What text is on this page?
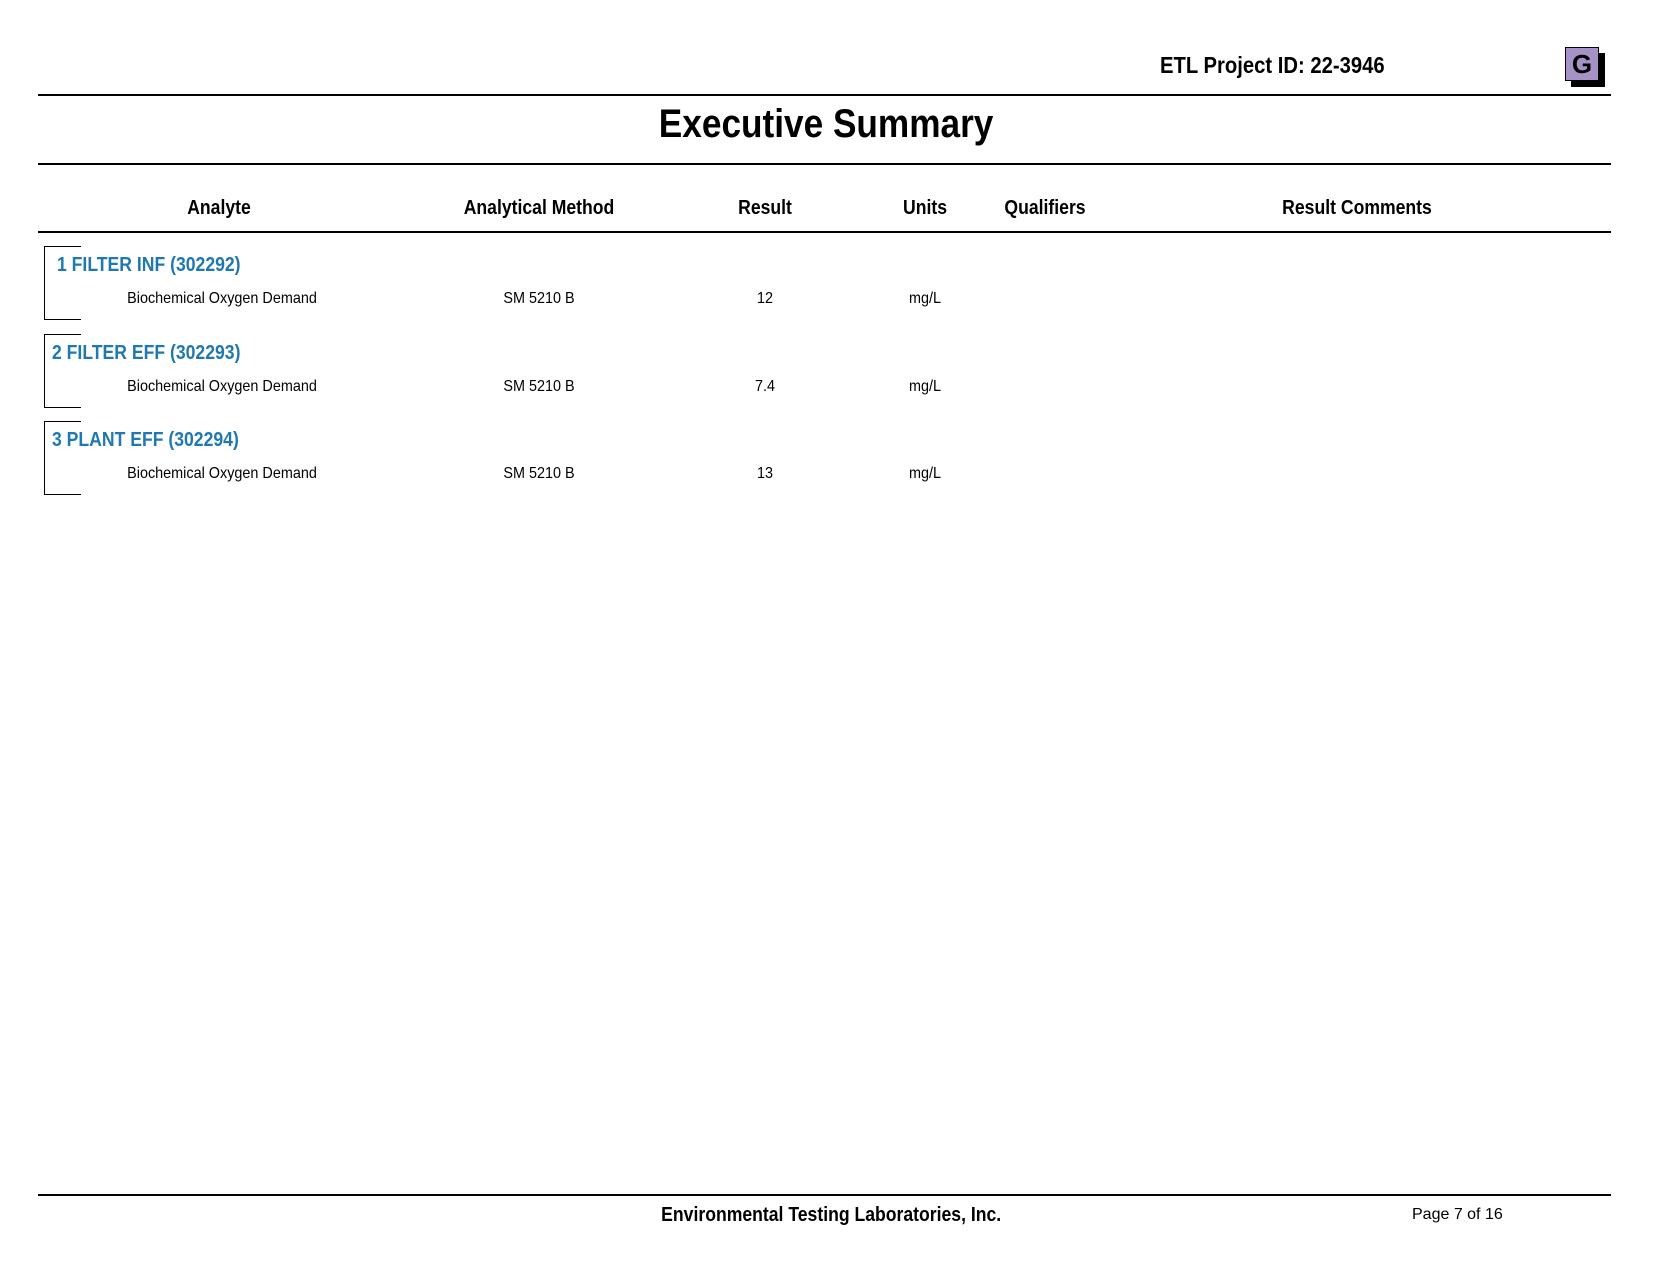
ETL Project ID: 22-3946	G
Executive Summary
Analyte	Analytical Method	Result	Units	Qualifiers	Result Comments
1 FILTER INF (302292)
Biochemical Oxygen Demand	SM 5210 B	12	mg/L
2 FILTER EFF (302293)
Biochemical Oxygen Demand	SM 5210 B	7.4	mg/L
3 PLANT EFF (302294)
Biochemical Oxygen Demand	SM 5210 B	13	mg/L
Environmental Testing Laboratories, Inc.	Page 7 of 16
